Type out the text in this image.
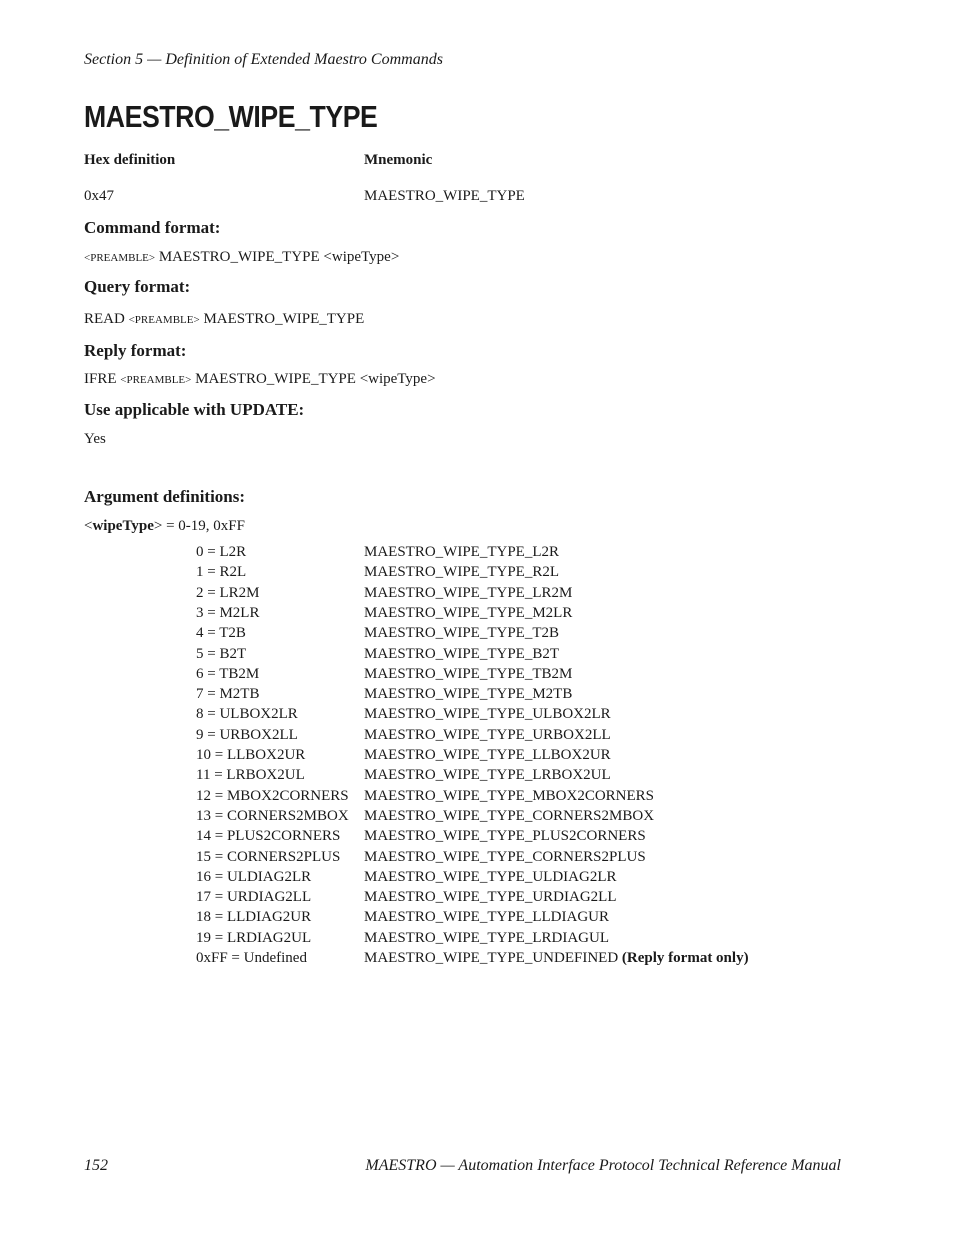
Section 5 — Definition of Extended Maestro Commands
MAESTRO_WIPE_TYPE
Hex definition	Mnemonic
0x47	MAESTRO_WIPE_TYPE
Command format:
<PREAMBLE> MAESTRO_WIPE_TYPE <wipeType>
Query format:
READ <PREAMBLE> MAESTRO_WIPE_TYPE
Reply format:
IFRE <PREAMBLE> MAESTRO_WIPE_TYPE <wipeType>
Use applicable with UPDATE:
Yes
Argument definitions:
<wipeType> = 0-19, 0xFF
0 = L2R	MAESTRO_WIPE_TYPE_L2R
1 = R2L	MAESTRO_WIPE_TYPE_R2L
2 = LR2M	MAESTRO_WIPE_TYPE_LR2M
3 = M2LR	MAESTRO_WIPE_TYPE_M2LR
4 = T2B	MAESTRO_WIPE_TYPE_T2B
5 = B2T	MAESTRO_WIPE_TYPE_B2T
6 = TB2M	MAESTRO_WIPE_TYPE_TB2M
7 = M2TB	MAESTRO_WIPE_TYPE_M2TB
8 = ULBOX2LR	MAESTRO_WIPE_TYPE_ULBOX2LR
9 = URBOX2LL	MAESTRO_WIPE_TYPE_URBOX2LL
10 = LLBOX2UR	MAESTRO_WIPE_TYPE_LLBOX2UR
11 = LRBOX2UL	MAESTRO_WIPE_TYPE_LRBOX2UL
12 = MBOX2CORNERS MAESTRO_WIPE_TYPE_MBOX2CORNERS
13 = CORNERS2MBOX MAESTRO_WIPE_TYPE_CORNERS2MBOX
14 = PLUS2CORNERS MAESTRO_WIPE_TYPE_PLUS2CORNERS
15 = CORNERS2PLUS MAESTRO_WIPE_TYPE_CORNERS2PLUS
16 = ULDIAG2LR	MAESTRO_WIPE_TYPE_ULDIAG2LR
17 = URDIAG2LL	MAESTRO_WIPE_TYPE_URDIAG2LL
18 = LLDIAG2UR	MAESTRO_WIPE_TYPE_LLDIAGUR
19 = LRDIAG2UL	MAESTRO_WIPE_TYPE_LRDIAGUL
0xFF = Undefined	MAESTRO_WIPE_TYPE_UNDEFINED (Reply format only)
152	MAESTRO — Automation Interface Protocol Technical Reference Manual
